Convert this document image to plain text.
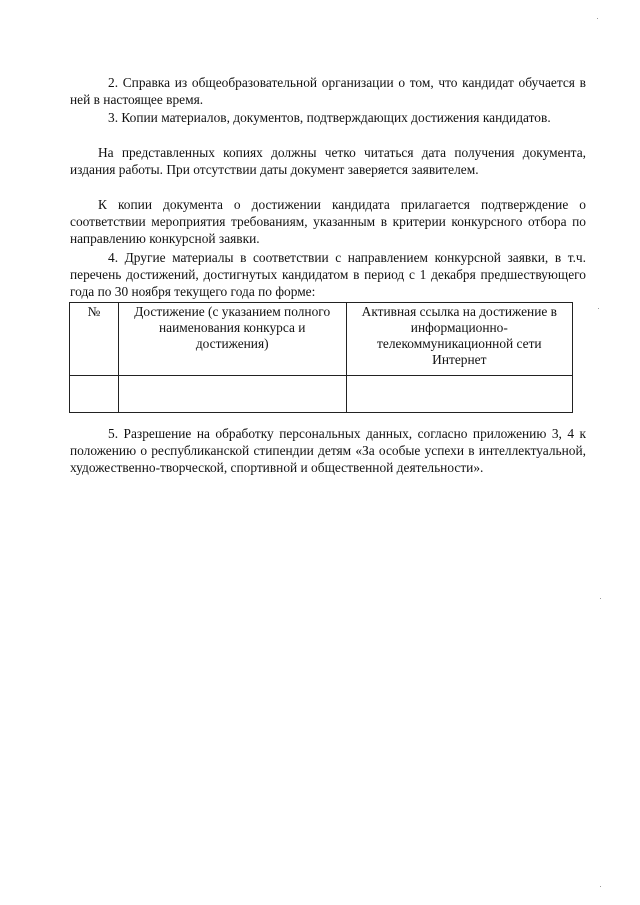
2. Справка из общеобразовательной организации о том, что кандидат обучается в ней в настоящее время.

3. Копии материалов, документов, подтверждающих достижения кандидатов.

На представленных копиях должны четко читаться дата получения документа, издания работы. При отсутствии даты документ заверяется заявителем.

К копии документа о достижении кандидата прилагается подтверждение о соответствии мероприятия требованиям, указанным в критерии конкурсного отбора по направлению конкурсной заявки.

4. Другие материалы в соответствии с направлением конкурсной заявки, в т.ч. перечень достижений, достигнутых кандидатом в период с 1 декабря предшествующего года по 30 ноября текущего года по форме:

№	Достижение (с указанием полного наименования конкурса и достижения)	Активная ссылка на достижение в информационно-телекоммуникационной сети Интернет

5. Разрешение на обработку персональных данных, согласно приложению 3, 4 к положению о республиканской стипендии детям «За особые успехи в интеллектуальной, художественно-творческой, спортивной и общественной деятельности».
